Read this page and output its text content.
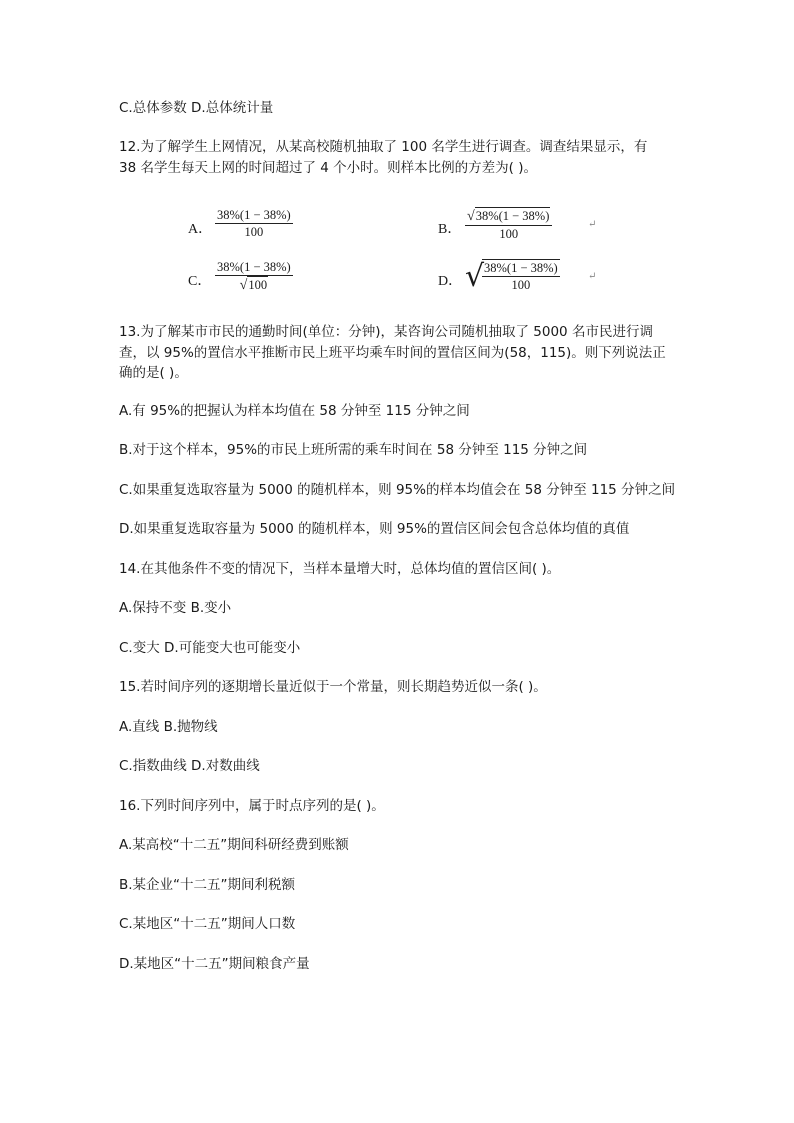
C.总体参数 D.总体统计量
12.为了解学生上网情况，从某高校随机抽取了 100 名学生进行调查。调查结果显示，有
38 名学生每天上网的时间超过了 4 个小时。则样本比例的方差为( )。
A．
38%(1 − 38%)
100	B．
√38%(1 − 38%)
100
↵
C．
38%(1 − 38%)
√100	D． √ 38%(1 − 38%)
100
↵
13.为了解某市市民的通勤时间(单位：分钟)，某咨询公司随机抽取了 5000 名市民进行调
查，以 95%的置信水平推断市民上班平均乘车时间的置信区间为(58，115)。则下列说法正
确的是( )。
A.有 95%的把握认为样本均值在 58 分钟至 115 分钟之间
B.对于这个样本，95%的市民上班所需的乘车时间在 58 分钟至 115 分钟之间
C.如果重复选取容量为 5000 的随机样本，则 95%的样本均值会在 58 分钟至 115 分钟之间
D.如果重复选取容量为 5000 的随机样本，则 95%的置信区间会包含总体均值的真值
14.在其他条件不变的情况下，当样本量增大时，总体均值的置信区间( )。
A.保持不变 B.变小
C.变大 D.可能变大也可能变小
15.若时间序列的逐期增长量近似于一个常量，则长期趋势近似一条( )。
A.直线 B.抛物线
C.指数曲线 D.对数曲线
16.下列时间序列中，属于时点序列的是( )。
A.某高校“十二五”期间科研经费到账额
B.某企业“十二五”期间利税额
C.某地区“十二五”期间人口数
D.某地区“十二五”期间粮食产量
